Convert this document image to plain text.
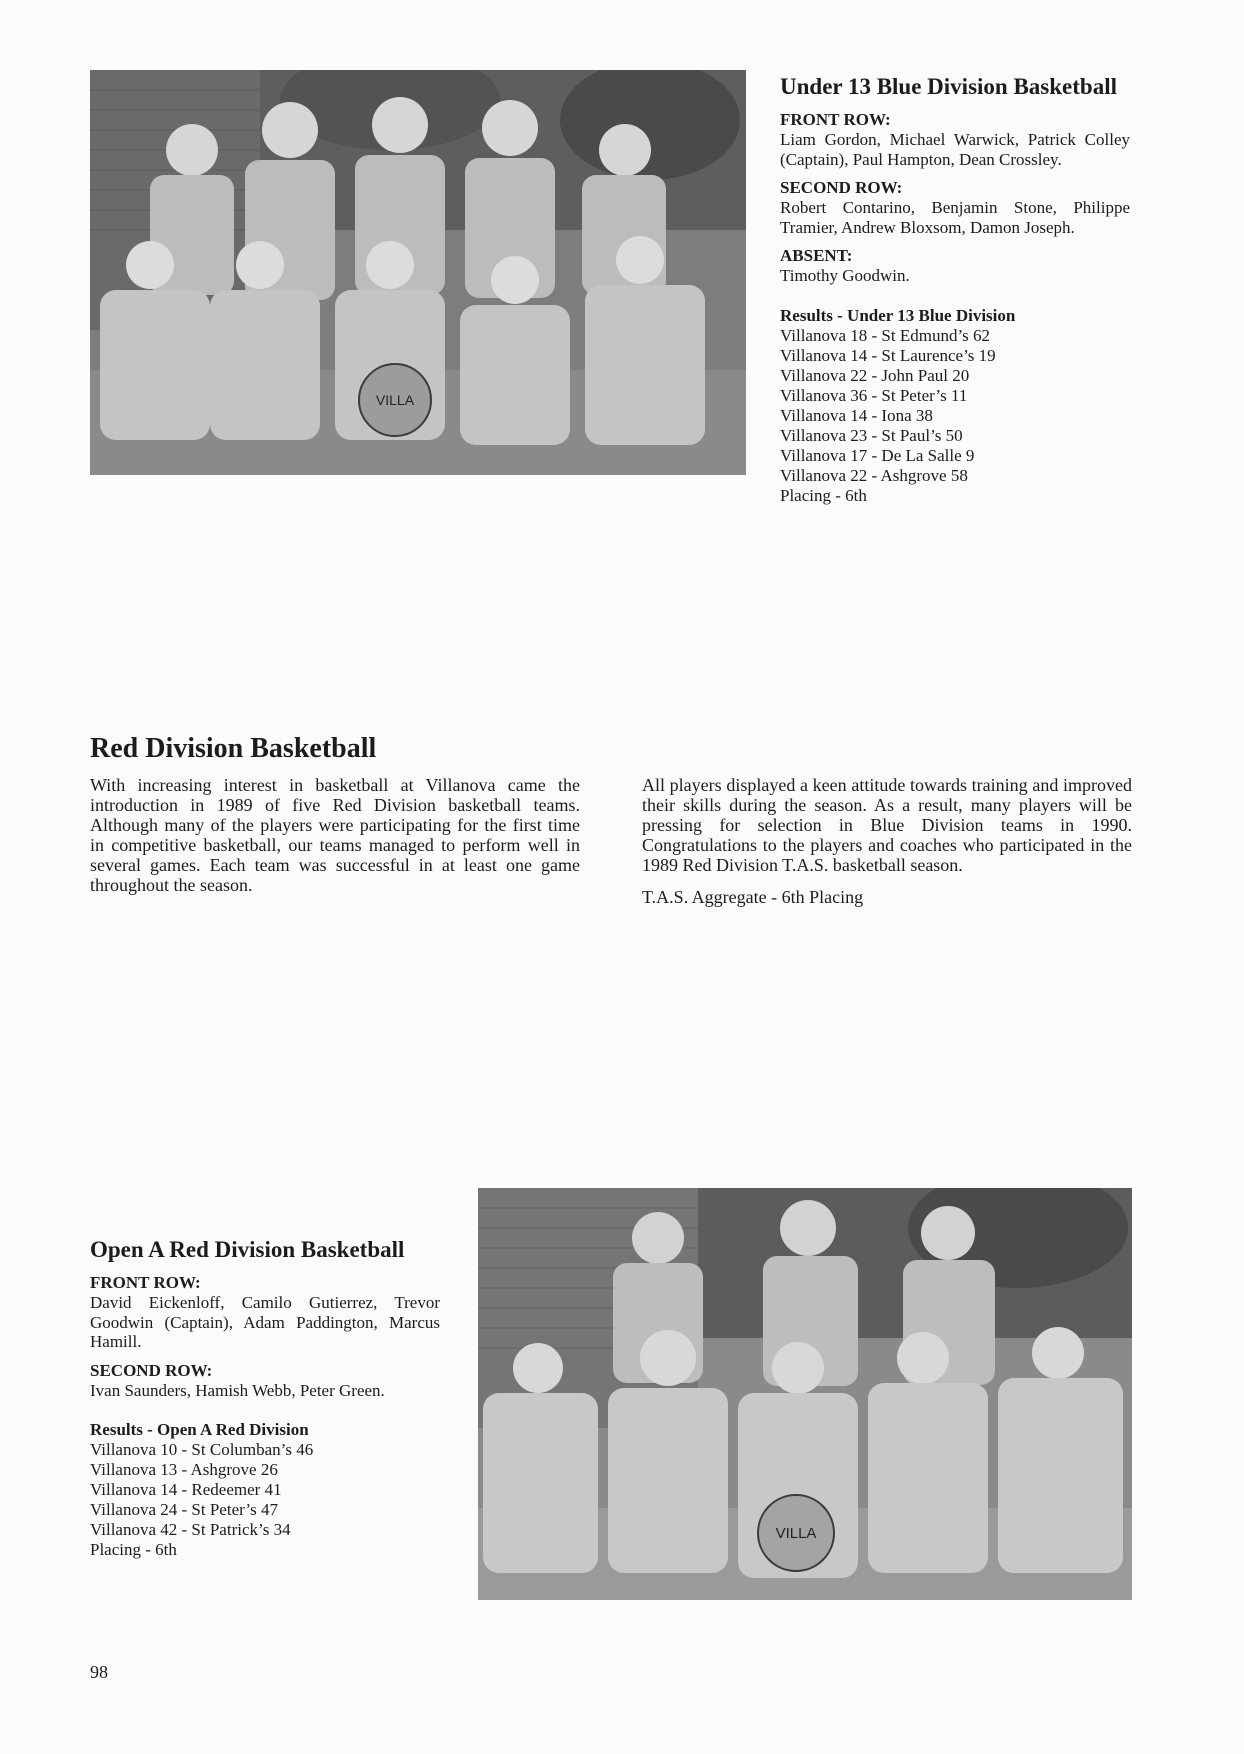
VILLA
Under 13 Blue Division Basketball
FRONT ROW:
Liam Gordon, Michael Warwick, Patrick Colley (Captain), Paul Hampton, Dean Crossley.
SECOND ROW:
Robert Contarino, Benjamin Stone, Philippe Tramier, Andrew Bloxsom, Damon Joseph.
ABSENT:
Timothy Goodwin.
Results - Under 13 Blue Division
Villanova 18 - St Edmund’s 62
Villanova 14 - St Laurence’s 19
Villanova 22 - John Paul 20
Villanova 36 - St Peter’s 11
Villanova 14 - Iona 38
Villanova 23 - St Paul’s 50
Villanova 17 - De La Salle 9
Villanova 22 - Ashgrove 58
Placing - 6th
Red Division Basketball
With increasing interest in basketball at Villanova came the introduction in 1989 of five Red Division basketball teams. Although many of the players were participating for the first time in competitive basketball, our teams managed to perform well in several games. Each team was successful in at least one game throughout the season.
All players displayed a keen attitude towards training and improved their skills during the season. As a result, many players will be pressing for selection in Blue Division teams in 1990. Congratulations to the players and coaches who participated in the 1989 Red Division T.A.S. basketball season.
T.A.S. Aggregate - 6th Placing
Open A Red Division Basketball
FRONT ROW:
David Eickenloff, Camilo Gutierrez, Trevor Goodwin (Captain), Adam Paddington, Marcus Hamill.
SECOND ROW:
Ivan Saunders, Hamish Webb, Peter Green.
Results - Open A Red Division
Villanova 10 - St Columban’s 46
Villanova 13 - Ashgrove 26
Villanova 14 - Redeemer 41
Villanova 24 - St Peter’s 47
Villanova 42 - St Patrick’s 34
Placing - 6th
VILLA
98
